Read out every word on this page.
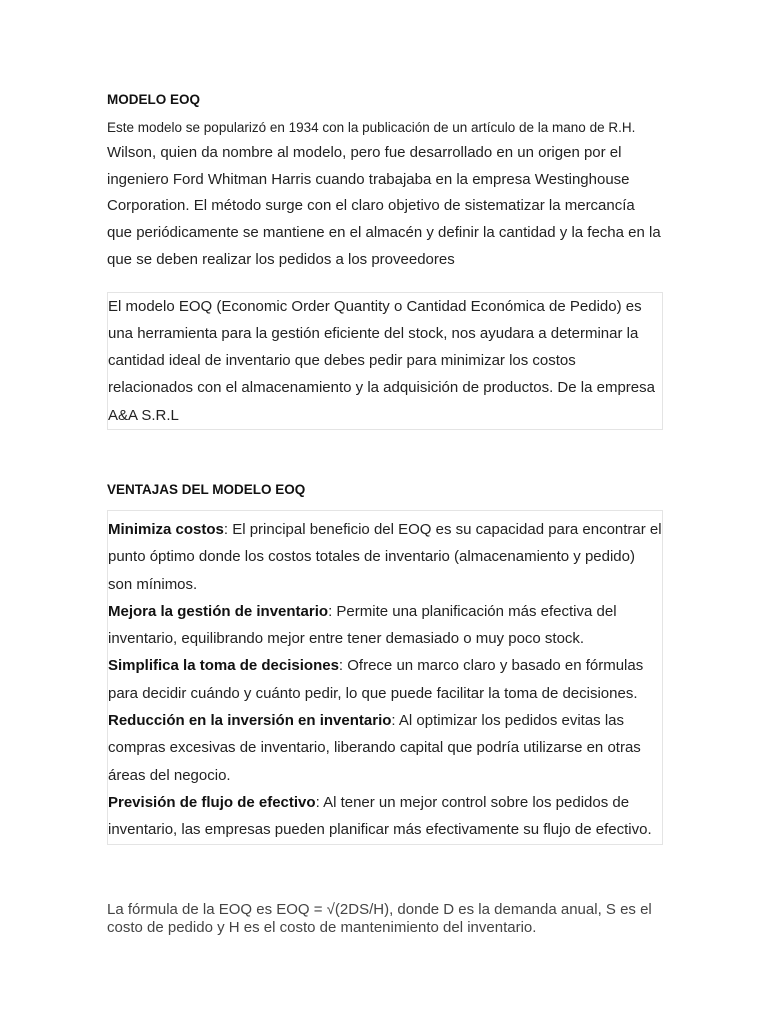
MODELO EOQ
Este modelo se popularizó en 1934 con la publicación de un artículo de la mano de R.H.
Wilson, quien da nombre al modelo, pero fue desarrollado en un origen por el ingeniero Ford Whitman Harris cuando trabajaba en la empresa Westinghouse Corporation. El método surge con el claro objetivo de sistematizar la mercancía que periódicamente se mantiene en el almacén y definir la cantidad y la fecha en la que se deben realizar los pedidos a los proveedores
El modelo EOQ (Economic Order Quantity o Cantidad Económica de Pedido) es una herramienta para la gestión eficiente del stock, nos ayudara a determinar la cantidad ideal de inventario que debes pedir para minimizar los costos relacionados con el almacenamiento y la adquisición de productos. De la empresa A&A S.R.L
VENTAJAS DEL MODELO EOQ
Minimiza costos: El principal beneficio del EOQ es su capacidad para encontrar el punto óptimo donde los costos totales de inventario (almacenamiento y pedido) son mínimos.
Mejora la gestión de inventario: Permite una planificación más efectiva del inventario, equilibrando mejor entre tener demasiado o muy poco stock.
Simplifica la toma de decisiones: Ofrece un marco claro y basado en fórmulas para decidir cuándo y cuánto pedir, lo que puede facilitar la toma de decisiones.
Reducción en la inversión en inventario: Al optimizar los pedidos evitas las compras excesivas de inventario, liberando capital que podría utilizarse en otras áreas del negocio.
Previsión de flujo de efectivo: Al tener un mejor control sobre los pedidos de inventario, las empresas pueden planificar más efectivamente su flujo de efectivo.
La fórmula de la EOQ es EOQ = √(2DS/H), donde D es la demanda anual, S es el costo de pedido y H es el costo de mantenimiento del inventario.
